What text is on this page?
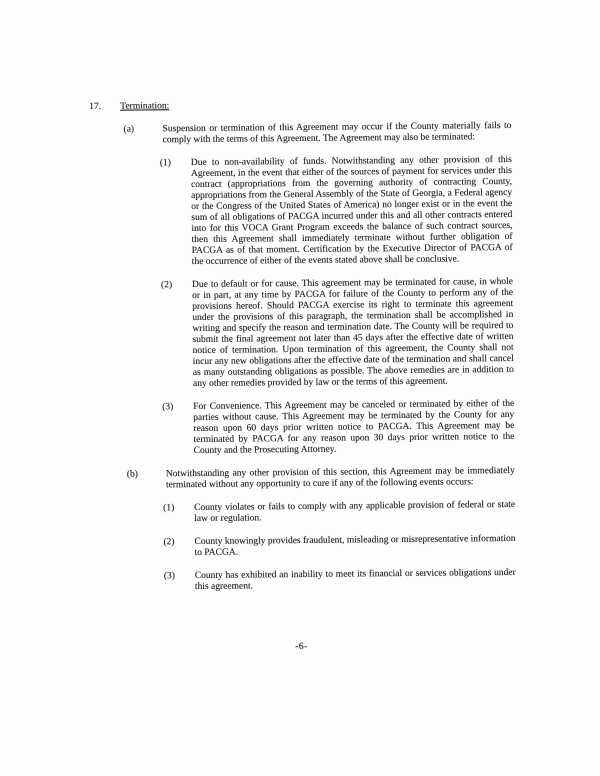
17. Termination:
(a)	Suspension or termination of this Agreement may occur if the County materially fails to comply with the terms of this Agreement. The Agreement may also be terminated:

(1)	Due to non-availability of funds. Notwithstanding any other provision of this Agreement, in the event that either of the sources of payment for services under this contract (appropriations from the governing authority of contracting County, appropriations from the General Assembly of the State of Georgia, a Federal agency or the Congress of the United States of America) no longer exist or in the event the sum of all obligations of PACGA incurred under this and all other contracts entered into for this VOCA Grant Program exceeds the balance of such contract sources, then this Agreement shall immediately terminate without further obligation of PACGA as of that moment. Certification by the Executive Director of PACGA of the occurrence of either of the events stated above shall be conclusive.

(2)	Due to default or for cause. This agreement may be terminated for cause, in whole or in part, at any time by PACGA for failure of the County to perform any of the provisions hereof. Should PACGA exercise its right to terminate this agreement under the provisions of this paragraph, the termination shall be accomplished in writing and specify the reason and termination date. The County will be required to submit the final agreement not later than 45 days after the effective date of written notice of termination. Upon termination of this agreement, the County shall not incur any new obligations after the effective date of the termination and shall cancel as many outstanding obligations as possible. The above remedies are in addition to any other remedies provided by law or the terms of this agreement.

(3)	For Convenience. This Agreement may be canceled or terminated by either of the parties without cause. This Agreement may be terminated by the County for any reason upon 60 days prior written notice to PACGA. This Agreement may be terminated by PACGA for any reason upon 30 days prior written notice to the County and the Prosecuting Attorney.

(b)	Notwithstanding any other provision of this section, this Agreement may be immediately terminated without any opportunity to cure if any of the following events occurs:

(1)	County violates or fails to comply with any applicable provision of federal or state law or regulation.

(2)	County knowingly provides fraudulent, misleading or misrepresentative information to PACGA.

(3)	County has exhibited an inability to meet its financial or services obligations under this agreement.

-6-
